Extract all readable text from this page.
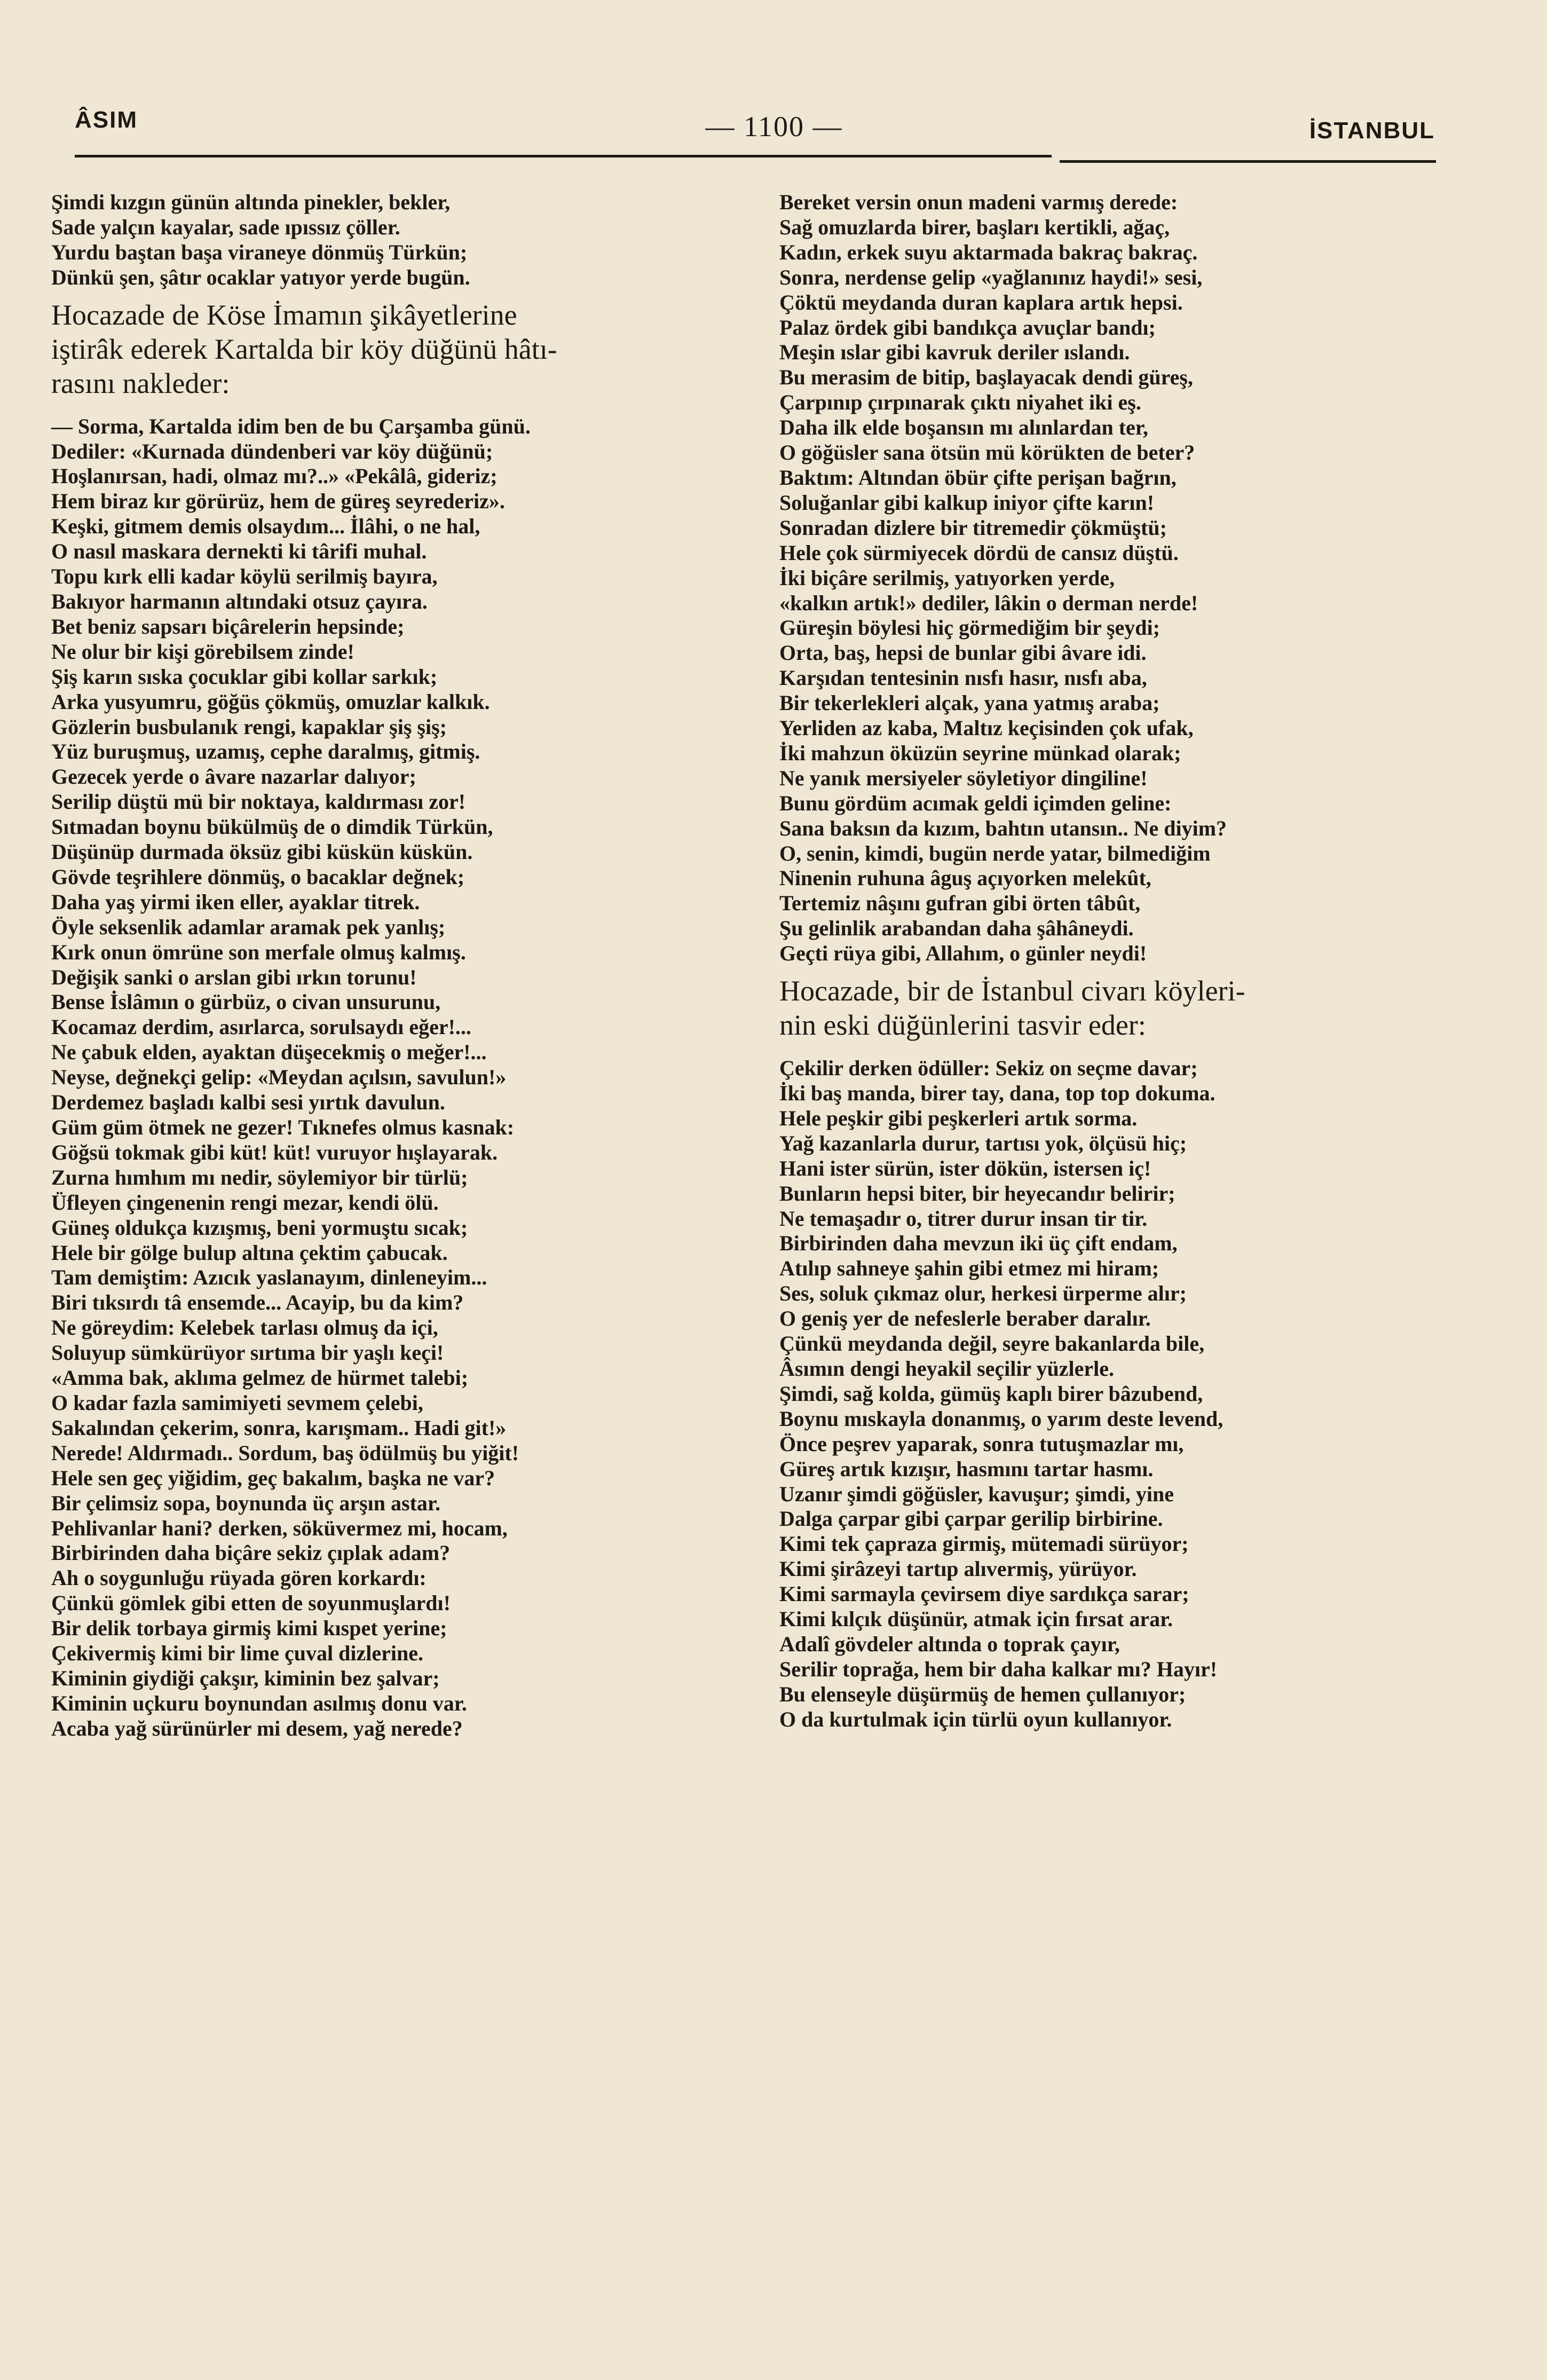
ÂSIM	— 1100 —	İSTANBUL
Şimdi kızgın günün altında pinekler, bekler,
Sade yalçın kayalar, sade ıpıssız çöller.
Yurdu baştan başa viraneye dönmüş Türkün;
Dünkü şen, şâtır ocaklar yatıyor yerde bugün.
Hocazade de Köse İmamın şikâyetlerine
iştirâk ederek Kartalda bir köy düğünü hâtı-
rasını nakleder:
— Sorma, Kartalda idim ben de bu Çarşamba günü.
Dediler: «Kurnada dündenberi var köy düğünü;
Hoşlanırsan, hadi, olmaz mı?..» «Pekâlâ, gideriz;
Hem biraz kır görürüz, hem de güreş seyrederiz».
Keşki, gitmem demis olsaydım... İlâhi, o ne hal,
O nasıl maskara dernekti ki târifi muhal.
Topu kırk elli kadar köylü serilmiş bayıra,
Bakıyor harmanın altındaki otsuz çayıra.
Bet beniz sapsarı biçârelerin hepsinde;
Ne olur bir kişi görebilsem zinde!
Şiş karın sıska çocuklar gibi kollar sarkık;
Arka yusyumru, göğüs çökmüş, omuzlar kalkık.
Gözlerin busbulanık rengi, kapaklar şiş şiş;
Yüz buruşmuş, uzamış, cephe daralmış, gitmiş.
Gezecek yerde o âvare nazarlar dalıyor;
Serilip düştü mü bir noktaya, kaldırması zor!
Sıtmadan boynu bükülmüş de o dimdik Türkün,
Düşünüp durmada öksüz gibi küskün küskün.
Gövde teşrihlere dönmüş, o bacaklar değnek;
Daha yaş yirmi iken eller, ayaklar titrek.
Öyle seksenlik adamlar aramak pek yanlış;
Kırk onun ömrüne son merfale olmuş kalmış.
Değişik sanki o arslan gibi ırkın torunu!
Bense İslâmın o gürbüz, o civan unsurunu,
Kocamaz derdim, asırlarca, sorulsaydı eğer!...
Ne çabuk elden, ayaktan düşecekmiş o meğer!...
Neyse, değnekçi gelip: «Meydan açılsın, savulun!»
Derdemez başladı kalbi sesi yırtık davulun.
Güm güm ötmek ne gezer! Tıknefes olmus kasnak:
Göğsü tokmak gibi küt! küt! vuruyor hışlayarak.
Zurna hımhım mı nedir, söylemiyor bir türlü;
Üfleyen çingenenin rengi mezar, kendi ölü.
Güneş oldukça kızışmış, beni yormuştu sıcak;
Hele bir gölge bulup altına çektim çabucak.
Tam demiştim: Azıcık yaslanayım, dinleneyim...
Biri tıksırdı tâ ensemde... Acayip, bu da kim?
Ne göreydim: Kelebek tarlası olmuş da içi,
Soluyup sümkürüyor sırtıma bir yaşlı keçi!
«Amma bak, aklıma gelmez de hürmet talebi;
O kadar fazla samimiyeti sevmem çelebi,
Sakalından çekerim, sonra, karışmam.. Hadi git!»
Nerede! Aldırmadı.. Sordum, baş ödülmüş bu yiğit!
Hele sen geç yiğidim, geç bakalım, başka ne var?
Bir çelimsiz sopa, boynunda üç arşın astar.
Pehlivanlar hani? derken, söküvermez mi, hocam,
Birbirinden daha biçâre sekiz çıplak adam?
Ah o soygunluğu rüyada gören korkardı:
Çünkü gömlek gibi etten de soyunmuşlardı!
Bir delik torbaya girmiş kimi kıspet yerine;
Çekivermiş kimi bir lime çuval dizlerine.
Kiminin giydiği çakşır, kiminin bez şalvar;
Kiminin uçkuru boynundan asılmış donu var.
Acaba yağ sürünürler mi desem, yağ nerede?
Bereket versin onun madeni varmış derede:
Sağ omuzlarda birer, başları kertikli, ağaç,
Kadın, erkek suyu aktarmada bakraç bakraç.
Sonra, nerdense gelip «yağlanınız haydi!» sesi,
Çöktü meydanda duran kaplara artık hepsi.
Palaz ördek gibi bandıkça avuçlar bandı;
Meşin ıslar gibi kavruk deriler ıslandı.
Bu merasim de bitip, başlayacak dendi güreş,
Çarpınıp çırpınarak çıktı niyahet iki eş.
Daha ilk elde boşansın mı alınlardan ter,
O göğüsler sana ötsün mü körükten de beter?
Baktım: Altından öbür çifte perişan bağrın,
Soluğanlar gibi kalkup iniyor çifte karın!
Sonradan dizlere bir titremedir çökmüştü;
Hele çok sürmiyecek dördü de cansız düştü.
İki biçâre serilmiş, yatıyorken yerde,
«kalkın artık!» dediler, lâkin o derman nerde!
Güreşin böylesi hiç görmediğim bir şeydi;
Orta, baş, hepsi de bunlar gibi âvare idi.
Karşıdan tentesinin nısfı hasır, nısfı aba,
Bir tekerlekleri alçak, yana yatmış araba;
Yerliden az kaba, Maltız keçisinden çok ufak,
İki mahzun öküzün seyrine münkad olarak;
Ne yanık mersiyeler söyletiyor dingiline!
Bunu gördüm acımak geldi içimden geline:
Sana baksın da kızım, bahtın utansın.. Ne diyim?
O, senin, kimdi, bugün nerde yatar, bilmediğim
Ninenin ruhuna âguş açıyorken melekût,
Tertemiz nâşını gufran gibi örten tâbût,
Şu gelinlik arabandan daha şâhâneydi.
Geçti rüya gibi, Allahım, o günler neydi!
Hocazade, bir de İstanbul civarı köyleri-
nin eski düğünlerini tasvir eder:
Çekilir derken ödüller: Sekiz on seçme davar;
İki baş manda, birer tay, dana, top top dokuma.
Hele peşkir gibi peşkerleri artık sorma.
Yağ kazanlarla durur, tartısı yok, ölçüsü hiç;
Hani ister sürün, ister dökün, istersen iç!
Bunların hepsi biter, bir heyecandır belirir;
Ne temaşadır o, titrer durur insan tir tir.
Birbirinden daha mevzun iki üç çift endam,
Atılıp sahneye şahin gibi etmez mi hiram;
Ses, soluk çıkmaz olur, herkesi ürperme alır;
O geniş yer de nefeslerle beraber daralır.
Çünkü meydanda değil, seyre bakanlarda bile,
Âsımın dengi heyakil seçilir yüzlerle.
Şimdi, sağ kolda, gümüş kaplı birer bâzubend,
Boynu mıskayla donanmış, o yarım deste levend,
Önce peşrev yaparak, sonra tutuşmazlar mı,
Güreş artık kızışır, hasmını tartar hasmı.
Uzanır şimdi göğüsler, kavuşur; şimdi, yine
Dalga çarpar gibi çarpar gerilip birbirine.
Kimi tek çapraza girmiş, mütemadi sürüyor;
Kimi şirâzeyi tartıp alıvermiş, yürüyor.
Kimi sarmayla çevirsem diye sardıkça sarar;
Kimi kılçık düşünür, atmak için fırsat arar.
Adalî gövdeler altında o toprak çayır,
Serilir toprağa, hem bir daha kalkar mı? Hayır!
Bu elenseyle düşürmüş de hemen çullanıyor;
O da kurtulmak için türlü oyun kullanıyor.
